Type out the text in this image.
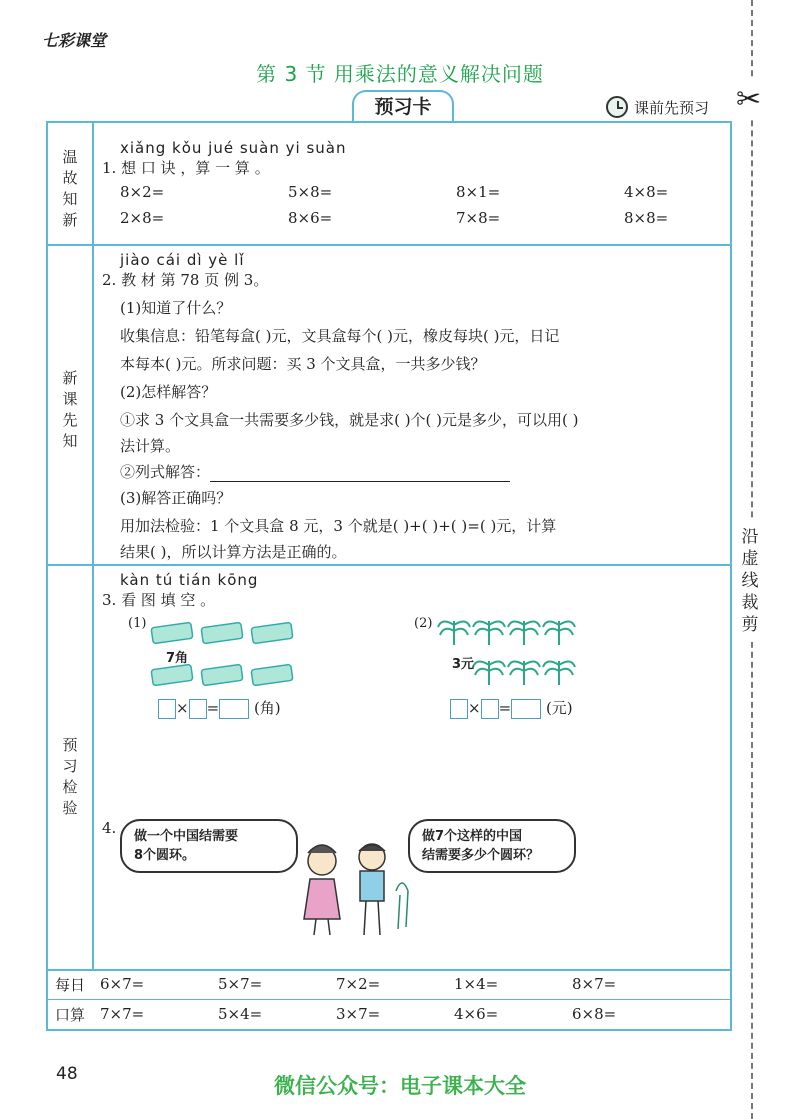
七彩课堂
第 3 节 用乘法的意义解决问题
预习卡	课前先预习 ✂
沿虚线裁剪
温故知新
新课先知
预习检验
每日
口算
xiǎng kǒu jué suàn yi suàn
1. 想 口 诀 ，算 一 算 。
8×2=	5×8=	8×1=	4×8=
2×8=	8×6=	7×8=	8×8=
jiào cái dì yè lǐ
2. 教 材 第 78 页 例 3。
(1)知道了什么？
收集信息：铅笔每盒( )元，文具盒每个( )元，橡皮每块( )元，日记
本每本( )元。所求问题：买 3 个文具盒，一共多少钱？
(2)怎样解答？
①求 3 个文具盒一共需要多少钱，就是求( )个( )元是多少，可以用( )
法计算。
②列式解答：
(3)解答正确吗？
用加法检验：1 个文具盒 8 元，3 个就是( )+( )+( )=( )元，计算
结果( )，所以计算方法是正确的。
kàn tú tián kōng
3. 看 图 填 空 。
(1)
7角
× = (角)
(2)
3元
× = (元)
4.	做一个中国结需要
8个圆环。
做7个这样的中国
结需要多少个圆环？
6×7=	5×7=	7×2=	1×4=	8×7=
7×7=	5×4=	3×7=	4×6=	6×8=
48	微信公众号：电子课本大全
